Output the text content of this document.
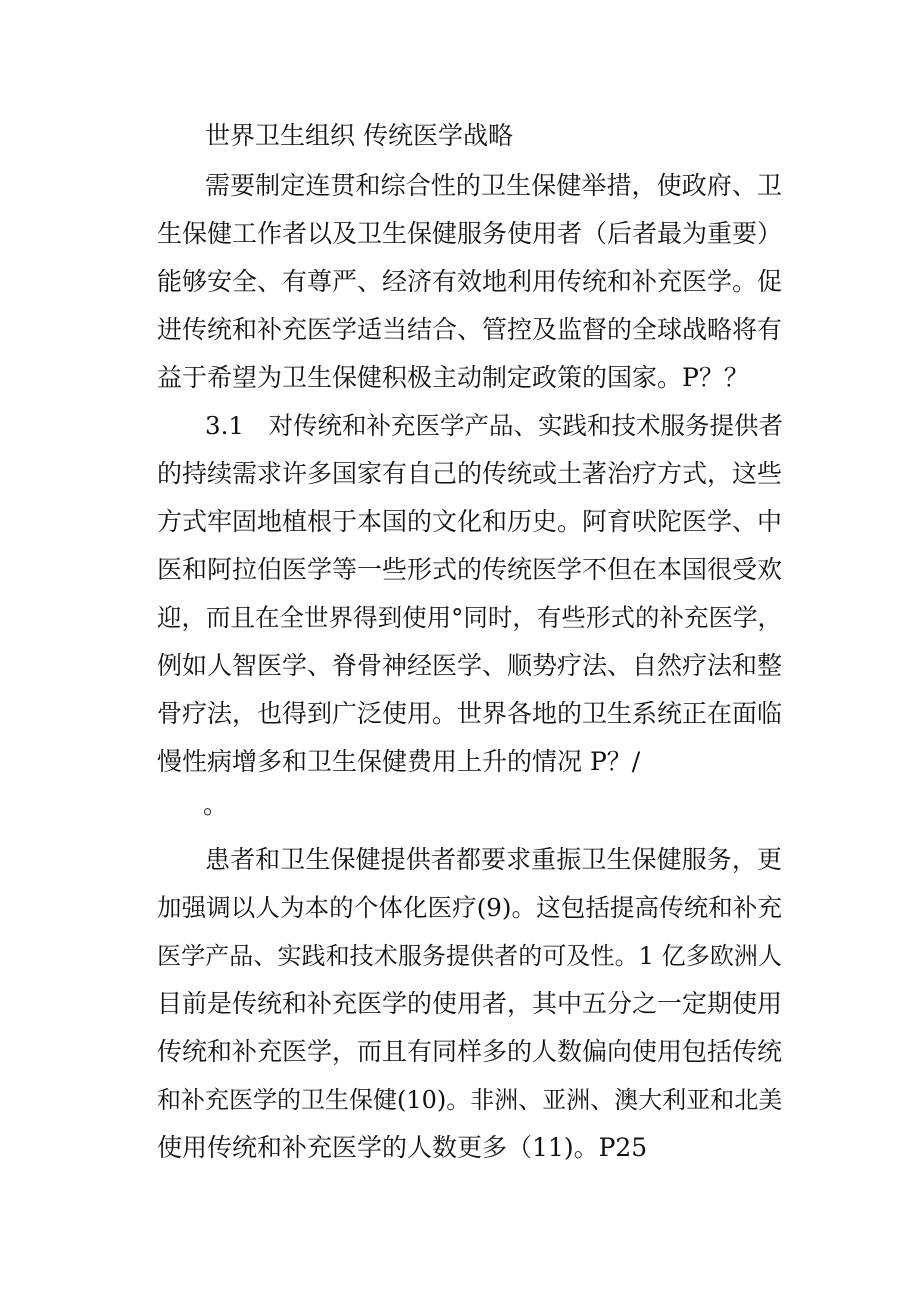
世界卫生组织 传统医学战略
需要制定连贯和综合性的卫生保健举措，使政府、卫
生保健工作者以及卫生保健服务使用者（后者最为重要）
能够安全、有尊严、经济有效地利用传统和补充医学。促
进传统和补充医学适当结合、管控及监督的全球战略将有
益于希望为卫生保健积极主动制定政策的国家。P？？
3.1　对传统和补充医学产品、实践和技术服务提供者
的持续需求许多国家有自己的传统或土著治疗方式，这些
方式牢固地植根于本国的文化和历史。阿育吠陀医学、中
医和阿拉伯医学等一些形式的传统医学不但在本国很受欢
迎，而且在全世界得到使用°同时，有些形式的补充医学，
例如人智医学、脊骨神经医学、顺势疗法、自然疗法和整
骨疗法，也得到广泛使用。世界各地的卫生系统正在面临
慢性病增多和卫生保健费用上升的情况 P？/
。
患者和卫生保健提供者都要求重振卫生保健服务，更
加强调以人为本的个体化医疗(9)。这包括提高传统和补充
医学产品、实践和技术服务提供者的可及性。1 亿多欧洲人
目前是传统和补充医学的使用者，其中五分之一定期使用
传统和补充医学，而且有同样多的人数偏向使用包括传统
和补充医学的卫生保健(10)。非洲、亚洲、澳大利亚和北美
使用传统和补充医学的人数更多（11)。P25
